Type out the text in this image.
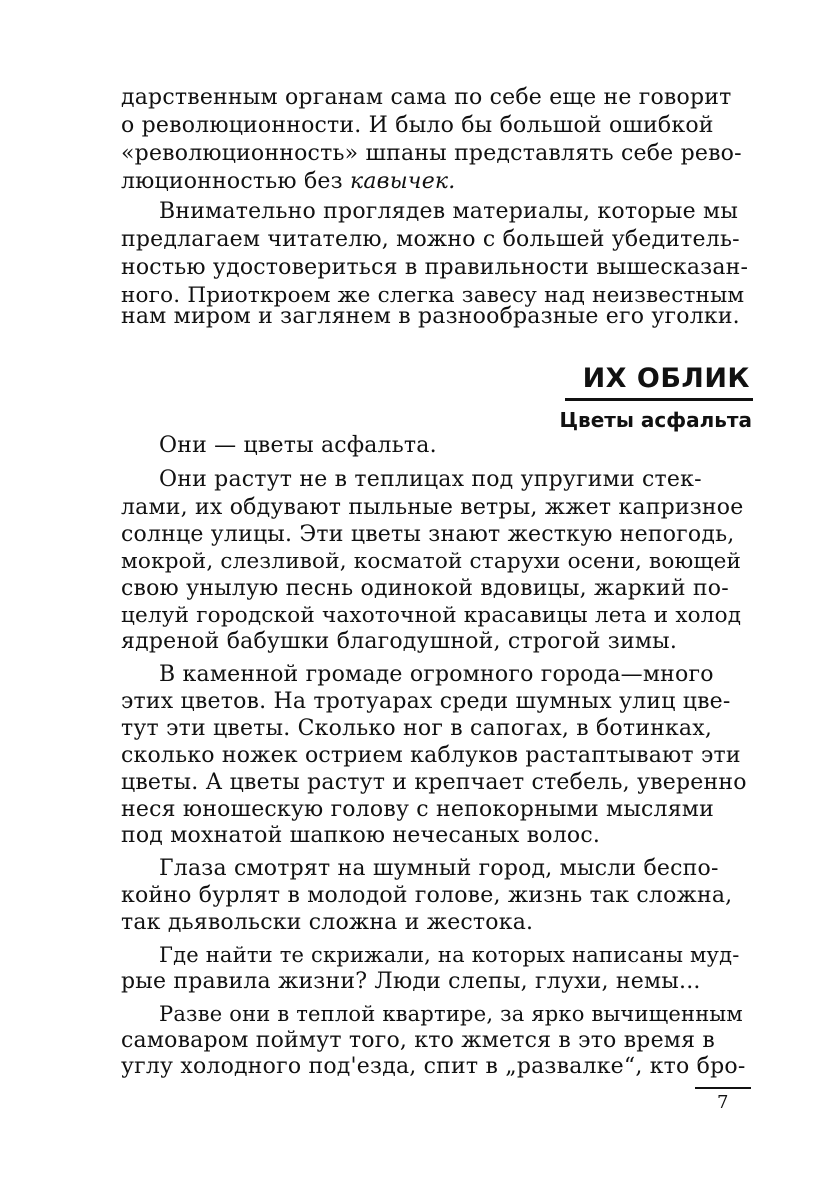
дарственным органам сама по себе еще не говорит
о революционности. И было бы большой ошибкой
«революционность» шпаны представлять себе рево-
люционностью без кавычек.
Внимательно проглядев материалы, которые мы
предлагаем читателю, можно с большей убедитель-
ностью удостовериться в правильности вышесказан-
ного. Приоткроем же слегка завесу над неизвестным
нам миром и заглянем в разнообразные его уголки.
ИХ ОБЛИК
Цветы асфальта
Они — цветы асфальта.
Они растут не в теплицах под упругими стек-
лами, их обдувают пыльные ветры, жжет капризное
солнце улицы. Эти цветы знают жесткую непогодь,
мокрой, слезливой, косматой старухи осени, воющей
свою унылую песнь одинокой вдовицы, жаркий по-
целуй городской чахоточной красавицы лета и холод
ядреной бабушки благодушной, строгой зимы.
В каменной громаде огромного города—много
этих цветов. На тротуарах среди шумных улиц цве-
тут эти цветы. Сколько ног в сапогах, в ботинках,
сколько ножек острием каблуков растаптывают эти
цветы. А цветы растут и крепчает стебель, уверенно
неся юношескую голову с непокорными мыслями
под мохнатой шапкою нечесаных волос.
Глаза смотрят на шумный город, мысли беспо-
койно бурлят в молодой голове, жизнь так сложна,
так дьявольски сложна и жестока.
Где найти те скрижали, на которых написаны муд-
рые правила жизни? Люди слепы, глухи, немы...
Разве они в теплой квартире, за ярко вычищенным
самоваром поймут того, кто жмется в это время в
углу холодного под'езда, спит в „развалке“, кто бро-
7
